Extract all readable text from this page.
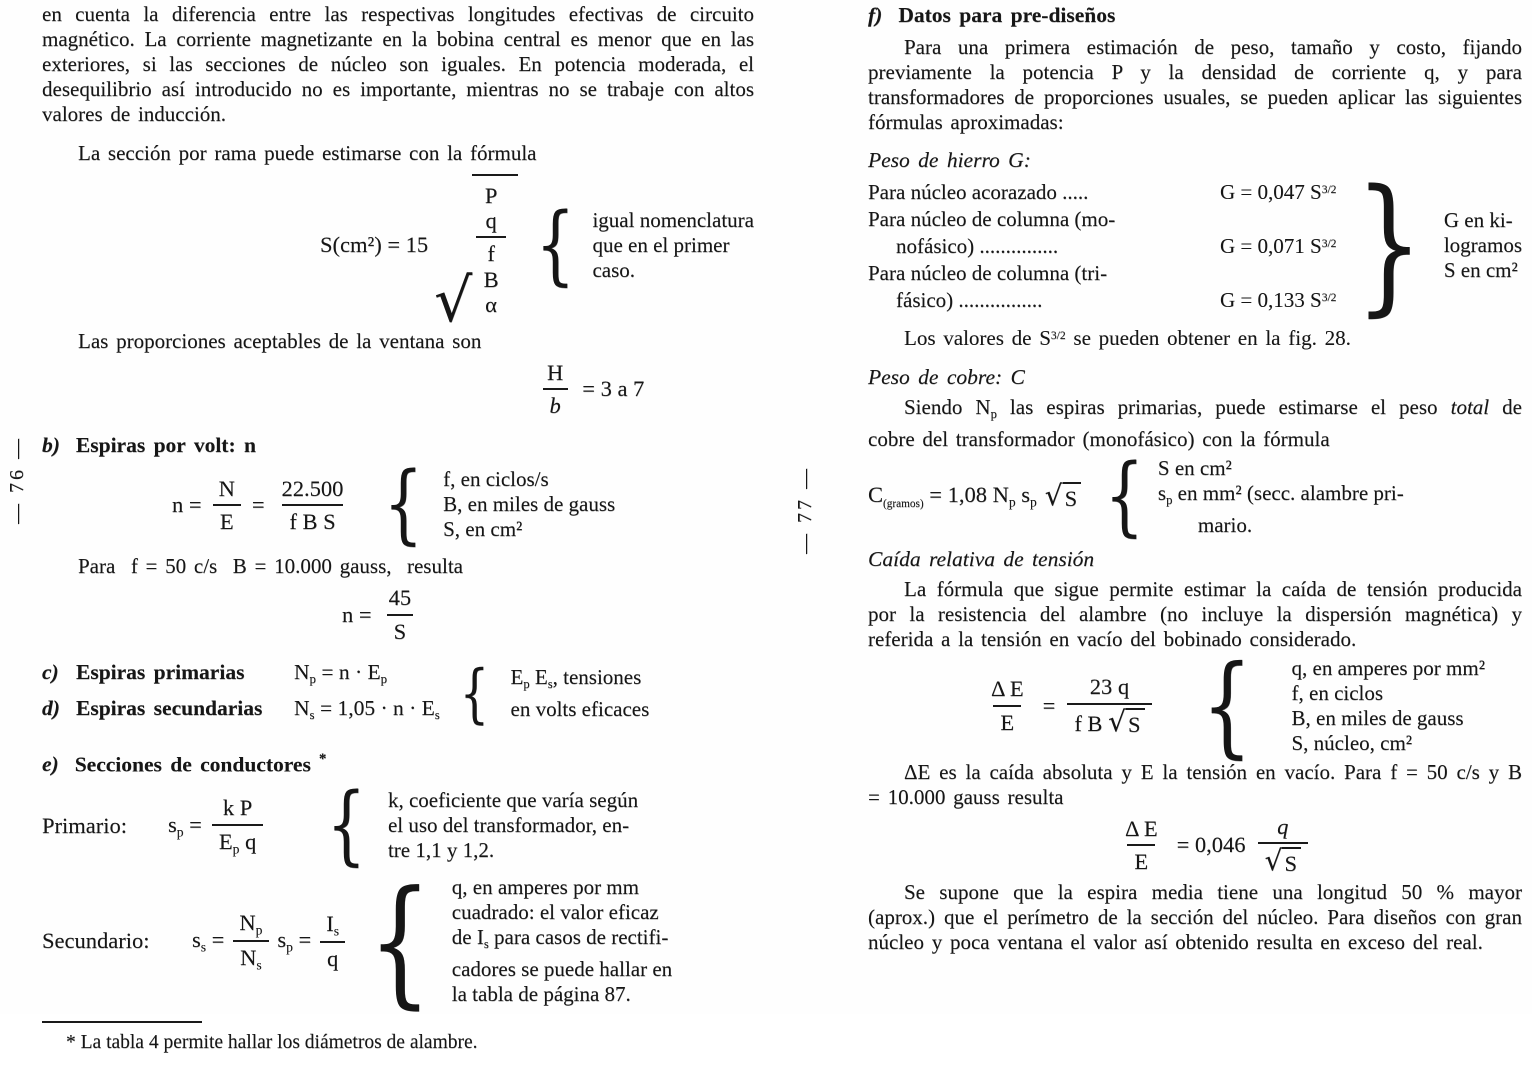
— 76 —	— 77 —

en cuenta la diferencia entre las respectivas longitudes efectivas de circuito magnético. La corriente magnetizante en la bobina central es menor que en las exteriores, si las secciones de núcleo son iguales. En potencia moderada, el desequilibrio así introducido no es importante, mientras no se trabaje con altos valores de inducción.

La sección por rama puede estimarse con la fórmula

S(cm²) = 15
√ $\frac{\text{P q}}{\text{f B α}}$ { igual nomenclatura
que en el primer
caso.

Las proporciones aceptables de la ventana son

$\frac{H}{b} = 3$ a 7
b) Espiras por volt: n
$n = \frac{N}{E} = \frac{22.500}{\text{f B S}}$ { f, en ciclos/s
B, en miles de gauss
S, en cm²

Para  f = 50 c/s  B = 10.000 gauss,  resulta

$n = \frac{45}{S}$
c) Espiras primarias	Np = n · Ep
d) Espiras secundarias	Ns = 1,05 · n · Es { Ep Es, tensiones
en volts eficaces
e) Secciones de conductores *
Primario:	sp = $\frac{\text{k P}}{\text{Ep q}}$ { k, coeficiente que varía según
el uso del transformador, en-
tre 1,1 y 1,2.
Secundario:	ss = $\frac{Np}{Ns}$ sp = $\frac{Is}{q}$ { q, en amperes por mm
cuadrado: el valor eficaz
de Is para casos de rectifi-
cadores se puede hallar en
la tabla de página 87.

* La tabla 4 permite hallar los diámetros de alambre.

f) Datos para pre-diseños

Para una primera estimación de peso, tamaño y costo, fijando previamente la potencia P y la densidad de corriente q, y para transformadores de proporciones usuales, se pueden aplicar las siguientes fórmulas aproximadas:

Peso de hierro G:
Para núcleo acorazado .....	G = 0,047 $S^{3/2}$
Para núcleo de columna (mo-
nofásico) ...............	G = 0,071 $S^{3/2}$
Para núcleo de columna (tri-
fásico) ................	G = 0,133 $S^{3/2}$ } G en ki-
logramos
S en cm²

Los valores de $S^{3/2}$ se pueden obtener en la fig. 28.

Peso de cobre: C

Siendo Np las espiras primarias, puede estimarse el peso total de cobre del transformador (monofásico) con la fórmula

$C_{(gramos)} = 1,08$ Np sp √ S { S en cm²
sp en mm² (secc. alambre pri-
mario.
Caída relativa de tensión

La fórmula que sigue permite estimar la caída de tensión producida por la resistencia del alambre (no incluye la dispersión magnética) y referida a la tensión en vacío del bobinado considerado.

$\frac{\text{Δ E}}{E} = \frac{23 q}{\text{f B √ S}}$ { q, en amperes por mm²
f, en ciclos
B, en miles de gauss
S, núcleo, cm²

ΔE es la caída absoluta y E la tensión en vacío. Para f = 50 c/s y B = 10.000 gauss resulta

$\frac{\text{Δ E}}{E} = 0,046 \frac{q}{√ S}$

Se supone que la espira media tiene una longitud 50 % mayor (aprox.) que el perímetro de la sección del núcleo. Para diseños con gran núcleo y poca ventana el valor así obtenido resulta en exceso del real.
